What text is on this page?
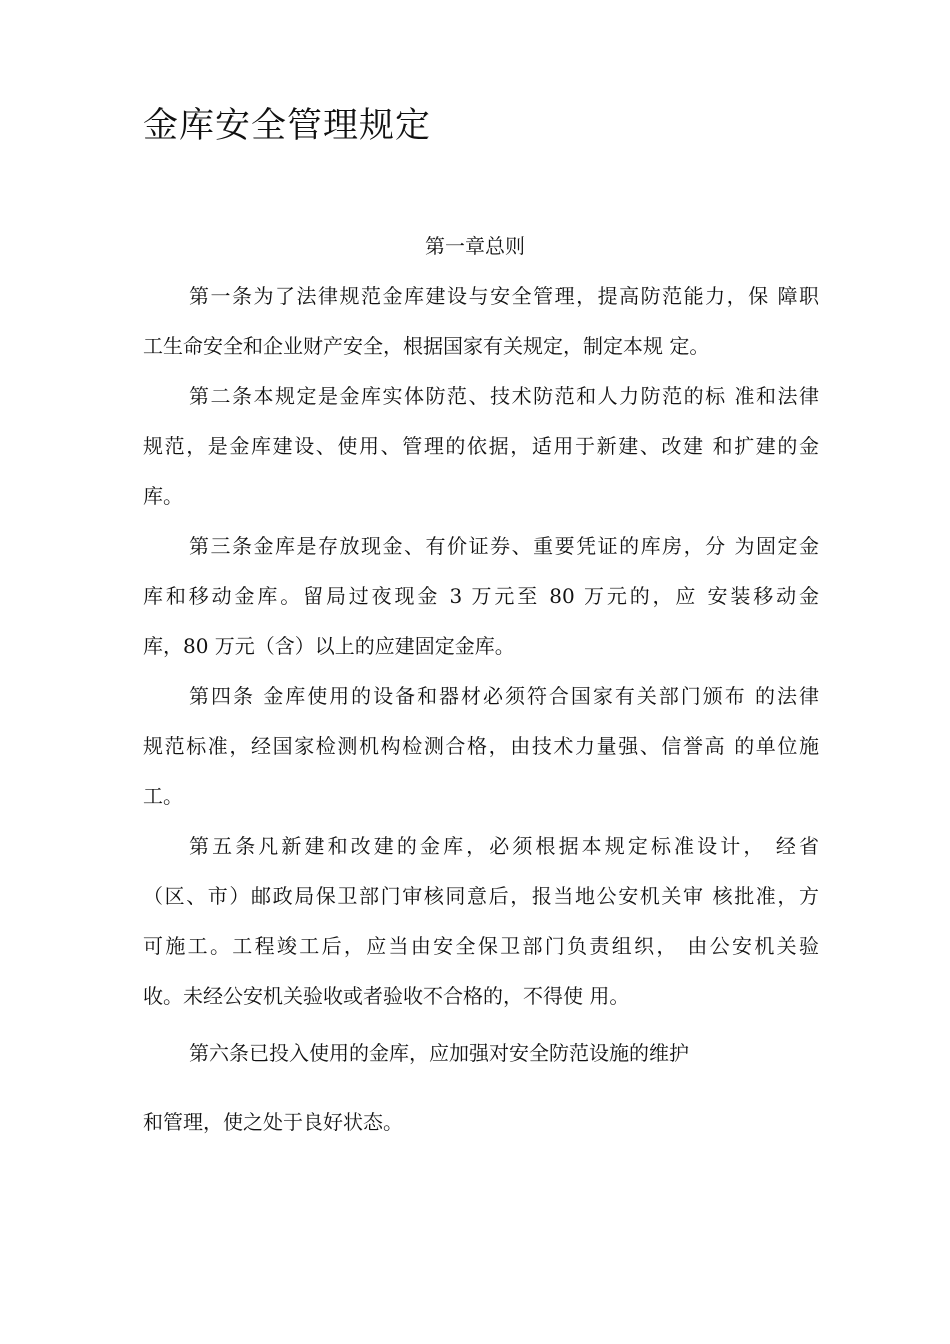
金库安全管理规定
第一章总则
第一条为了法律规范金库建设与安全管理，提高防范能力，保 障职
工生命安全和企业财产安全，根据国家有关规定，制定本规 定。
第二条本规定是金库实体防范、技术防范和人力防范的标 准和法律
规范，是金库建设、使用、管理的依据，适用于新建、改建 和扩建的金
库。
第三条金库是存放现金、有价证券、重要凭证的库房，分 为固定金
库和移动金库。留局过夜现金 3 万元至 80 万元的，应 安装移动金
库，80 万元（含）以上的应建固定金库。
第四条 金库使用的设备和器材必须符合国家有关部门颁布 的法律
规范标准，经国家检测机构检测合格，由技术力量强、信誉高 的单位施
工。
第五条凡新建和改建的金库，必须根据本规定标准设计， 经省
（区、市）邮政局保卫部门审核同意后，报当地公安机关审 核批准，方
可施工。工程竣工后，应当由安全保卫部门负责组织， 由公安机关验
收。未经公安机关验收或者验收不合格的，不得使 用。
第六条已投入使用的金库，应加强对安全防范设施的维护
和管理，使之处于良好状态。
